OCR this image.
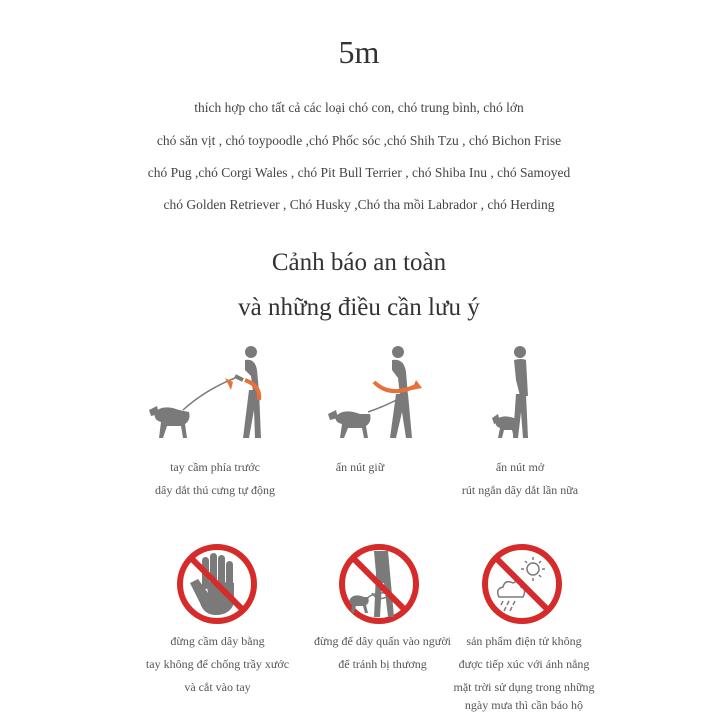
5m
thích hợp cho tất cả các loại chó con, chó trung bình, chó lớn
chó săn vịt , chó toypoodle ,chó Phốc sóc ,chó Shih Tzu , chó Bichon Frise
chó Pug ,chó Corgi Wales , chó Pit Bull Terrier , chó Shiba Inu , chó Samoyed
chó Golden Retriever , Chó Husky ,Chó tha mồi Labrador , chó Herding
Cảnh báo an toàn
và những điều cần lưu ý
tay cầm phía trước
dây dắt thú cưng tự động
ấn nút giữ	ấn nút mở
rút ngắn dây dắt lần nữa
đừng cầm dây bằng
tay không để chống trầy xước
và cắt vào tay
đừng để dây quấn vào người
để tránh bị thương
sản phẩm điện tử không
được tiếp xúc với ánh nắng
mặt trời sử dụng trong những
ngày mưa thì cần bảo hộ
